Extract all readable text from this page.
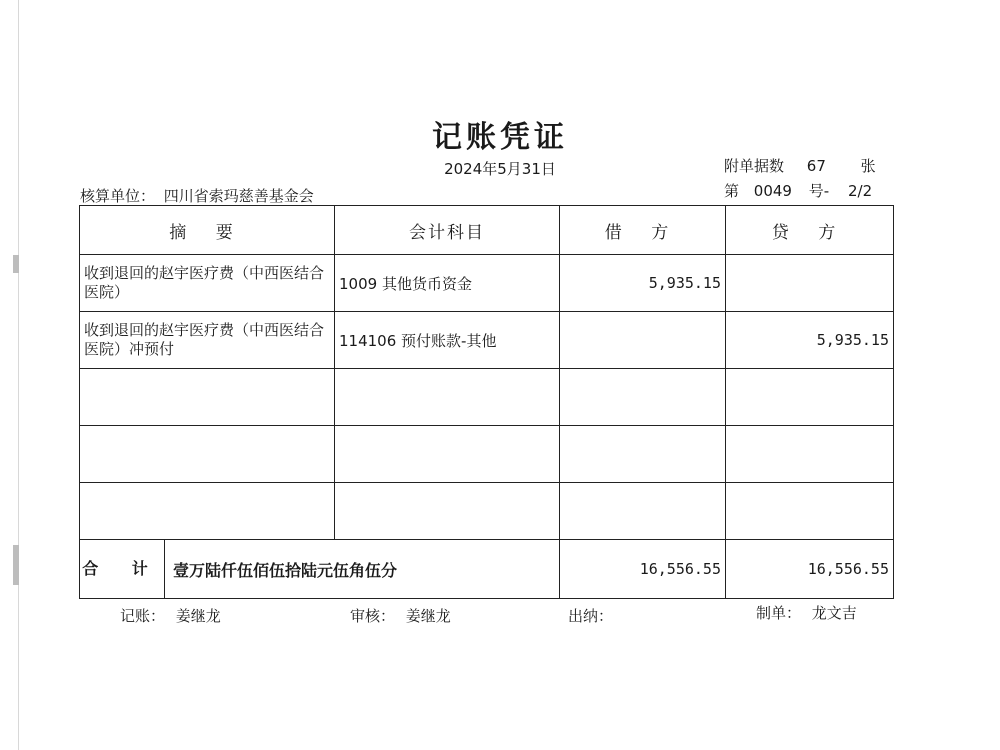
记账凭证
2024年5月31日	附单据数 67 张
第 0049 号- 2/2
核算单位： 四川省索玛慈善基金会
摘 要	会计科目	借 方	贷 方
收到退回的赵宇医疗费（中西医结合医院）	1009 其他货币资金	5,935.15	
收到退回的赵宇医疗费（中西医结合医院）冲预付	114106 预付账款-其他		5,935.15

合 计 壹万陆仟伍佰伍拾陆元伍角伍分		16,556.55	16,556.55
记账： 姜继龙	审核： 姜继龙	出纳：	制单： 龙文吉
